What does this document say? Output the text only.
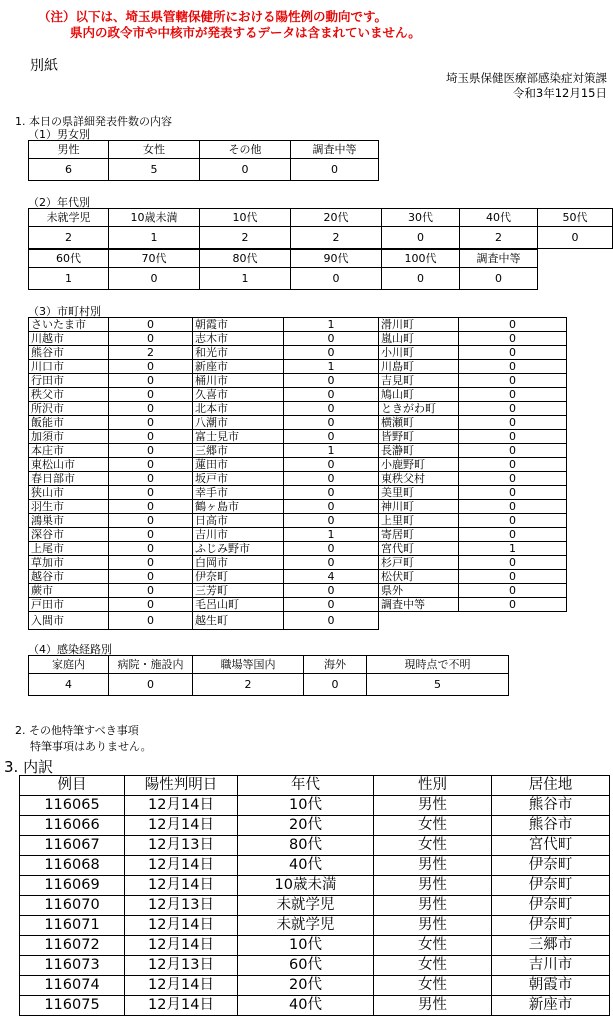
（注）以下は、埼玉県管轄保健所における陽性例の動向です。
県内の政令市や中核市が発表するデータは含まれていません。
別紙
埼玉県保健医療部感染症対策課
令和3年12月15日
1. 本日の県詳細発表件数の内容
（1）男女別
男性	女性	その他	調査中等
6	5	0	0
（2）年代別
未就学児	10歳未満	10代	20代	30代	40代	50代
2	1	2	2	0	2	0
60代	70代	80代	90代	100代	調査中等
1	0	1	0	0	0
（3）市町村別
さいたま市	0	朝霞市	1	滑川町	0
川越市	0	志木市	0	嵐山町	0
熊谷市	2	和光市	0	小川町	0
川口市	0	新座市	1	川島町	0
行田市	0	桶川市	0	吉見町	0
秩父市	0	久喜市	0	鳩山町	0
所沢市	0	北本市	0	ときがわ町	0
飯能市	0	八潮市	0	横瀬町	0
加須市	0	富士見市	0	皆野町	0
本庄市	0	三郷市	1	長瀞町	0
東松山市	0	蓮田市	0	小鹿野町	0
春日部市	0	坂戸市	0	東秩父村	0
狭山市	0	幸手市	0	美里町	0
羽生市	0	鶴ヶ島市	0	神川町	0
鴻巣市	0	日高市	0	上里町	0
深谷市	0	吉川市	1	寄居町	0
上尾市	0	ふじみ野市	0	宮代町	1
草加市	0	白岡市	0	杉戸町	0
越谷市	0	伊奈町	4	松伏町	0
蕨市	0	三芳町	0	県外	0
戸田市	0	毛呂山町	0	調査中等	0
入間市	0	越生町	0		
（4）感染経路別
家庭内	病院・施設内	職場等国内	海外	現時点で不明
4	0	2	0	5
2. その他特筆すべき事項
特筆事項はありません。
3. 内訳
例目	陽性判明日	年代	性別	居住地
116065	12月14日	10代	男性	熊谷市
116066	12月14日	20代	女性	熊谷市
116067	12月13日	80代	女性	宮代町
116068	12月14日	40代	男性	伊奈町
116069	12月14日	10歳未満	男性	伊奈町
116070	12月13日	未就学児	男性	伊奈町
116071	12月14日	未就学児	男性	伊奈町
116072	12月14日	10代	女性	三郷市
116073	12月13日	60代	女性	吉川市
116074	12月14日	20代	女性	朝霞市
116075	12月14日	40代	男性	新座市
